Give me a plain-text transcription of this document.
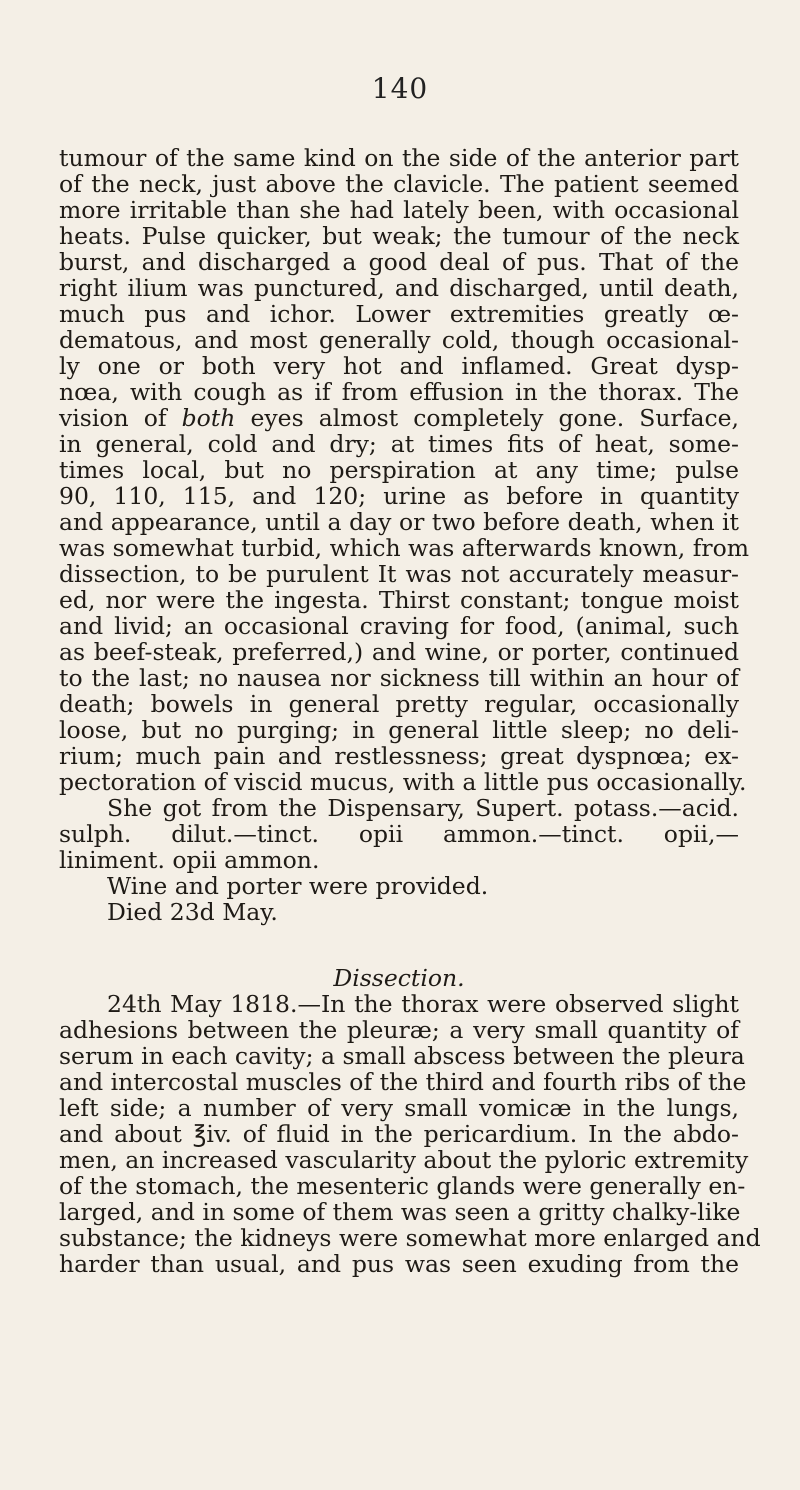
140
tumour of the same kind on the side of the anterior part
of the neck, just above the clavicle. The patient seemed
more irritable than she had lately been, with occasional
heats. Pulse quicker, but weak; the tumour of the neck
burst, and discharged a good deal of pus. That of the
right ilium was punctured, and discharged, until death,
much pus and ichor. Lower extremities greatly œ-
dematous, and most generally cold, though occasional-
ly one or both very hot and inflamed. Great dysp-
nœa, with cough as if from effusion in the thorax. The
vision of both eyes almost completely gone. Surface,
in general, cold and dry; at times fits of heat, some-
times local, but no perspiration at any time; pulse
90, 110, 115, and 120; urine as before in quantity
and appearance, until a day or two before death, when it
was somewhat turbid, which was afterwards known, from
dissection, to be purulent It was not accurately measur-
ed, nor were the ingesta. Thirst constant; tongue moist
and livid; an occasional craving for food, (animal, such
as beef-steak, preferred,) and wine, or porter, continued
to the last; no nausea nor sickness till within an hour of
death; bowels in general pretty regular, occasionally
loose, but no purging; in general little sleep; no deli-
rium; much pain and restlessness; great dyspnœa; ex-
pectoration of viscid mucus, with a little pus occasionally.
She got from the Dispensary, Supert. potass.—acid.
sulph. dilut.—tinct. opii ammon.—tinct. opii,—
liniment. opii ammon.
Wine and porter were provided.
Died 23d May.
Dissection.
24th May 1818.—In the thorax were observed slight
adhesions between the pleuræ; a very small quantity of
serum in each cavity; a small abscess between the pleura
and intercostal muscles of the third and fourth ribs of the
left side; a number of very small vomicæ in the lungs,
and about ℥iv. of fluid in the pericardium. In the abdo-
men, an increased vascularity about the pyloric extremity
of the stomach, the mesenteric glands were generally en-
larged, and in some of them was seen a gritty chalky-like
substance; the kidneys were somewhat more enlarged and
harder than usual, and pus was seen exuding from the
